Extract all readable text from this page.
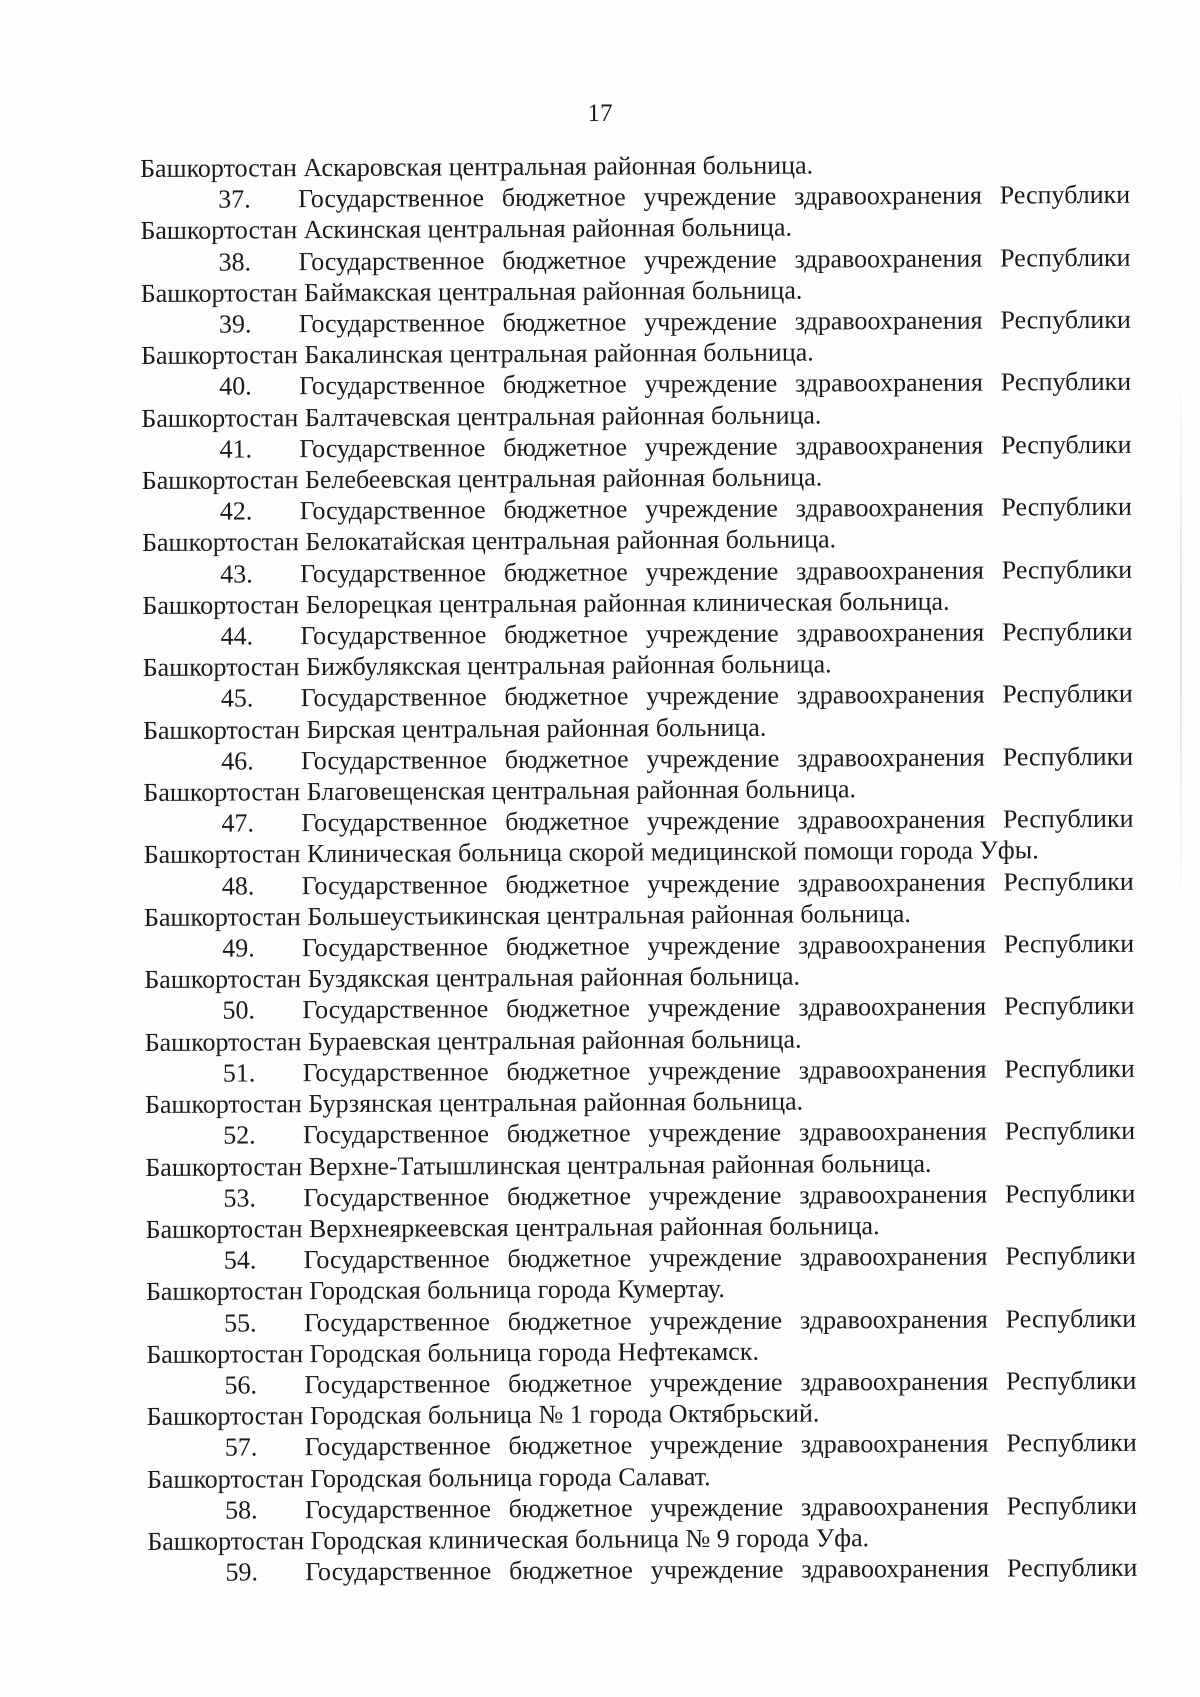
17
Башкортостан Аскаровская центральная районная больница.
37.	Государственное бюджетное учреждение здравоохранения Республики
Башкортостан Аскинская центральная районная больница.
38.	Государственное бюджетное учреждение здравоохранения Республики
Башкортостан Баймакская центральная районная больница.
39.	Государственное бюджетное учреждение здравоохранения Республики
Башкортостан Бакалинская центральная районная больница.
40.	Государственное бюджетное учреждение здравоохранения Республики
Башкортостан Балтачевская центральная районная больница.
41.	Государственное бюджетное учреждение здравоохранения Республики
Башкортостан Белебеевская центральная районная больница.
42.	Государственное бюджетное учреждение здравоохранения Республики
Башкортостан Белокатайская центральная районная больница.
43.	Государственное бюджетное учреждение здравоохранения Республики
Башкортостан Белорецкая центральная районная клиническая больница.
44.	Государственное бюджетное учреждение здравоохранения Республики
Башкортостан Бижбулякская центральная районная больница.
45.	Государственное бюджетное учреждение здравоохранения Республики
Башкортостан Бирская центральная районная больница.
46.	Государственное бюджетное учреждение здравоохранения Республики
Башкортостан Благовещенская центральная районная больница.
47.	Государственное бюджетное учреждение здравоохранения Республики
Башкортостан Клиническая больница скорой медицинской помощи города Уфы.
48.	Государственное бюджетное учреждение здравоохранения Республики
Башкортостан Большеустьикинская центральная районная больница.
49.	Государственное бюджетное учреждение здравоохранения Республики
Башкортостан Буздякская центральная районная больница.
50.	Государственное бюджетное учреждение здравоохранения Республики
Башкортостан Бураевская центральная районная больница.
51.	Государственное бюджетное учреждение здравоохранения Республики
Башкортостан Бурзянская центральная районная больница.
52.	Государственное бюджетное учреждение здравоохранения Республики
Башкортостан Верхне-Татышлинская центральная районная больница.
53.	Государственное бюджетное учреждение здравоохранения Республики
Башкортостан Верхнеяркеевская центральная районная больница.
54.	Государственное бюджетное учреждение здравоохранения Республики
Башкортостан Городская больница города Кумертау.
55.	Государственное бюджетное учреждение здравоохранения Республики
Башкортостан Городская больница города Нефтекамск.
56.	Государственное бюджетное учреждение здравоохранения Республики
Башкортостан Городская больница № 1 города Октябрьский.
57.	Государственное бюджетное учреждение здравоохранения Республики
Башкортостан Городская больница города Салават.
58.	Государственное бюджетное учреждение здравоохранения Республики
Башкортостан Городская клиническая больница № 9 города Уфа.
59.	Государственное бюджетное учреждение здравоохранения Республики
